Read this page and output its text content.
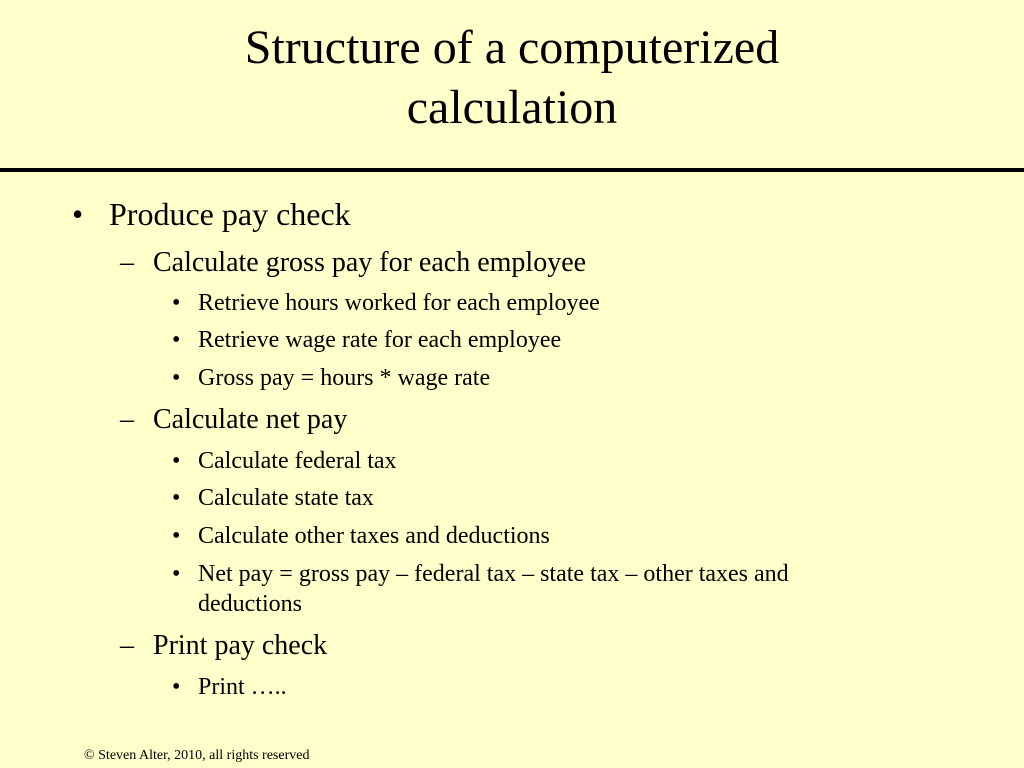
Structure of a computerized
calculation
• Produce pay check
– Calculate gross pay for each employee
• Retrieve hours worked for each employee
• Retrieve wage rate for each employee
• Gross pay = hours * wage rate
– Calculate net pay
• Calculate federal tax
• Calculate state tax
• Calculate other taxes and deductions
• Net pay = gross pay – federal tax – state tax – other taxes and deductions
– Print pay check
• Print …..
© Steven Alter, 2010, all rights reserved
